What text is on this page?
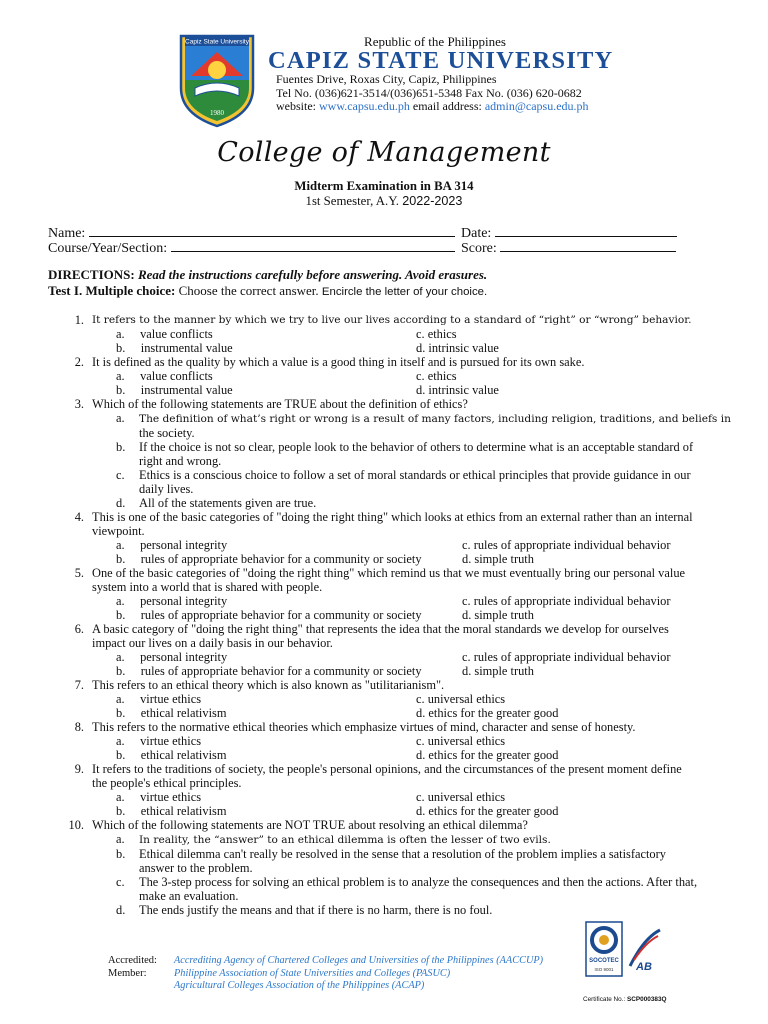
Capiz State University
1980
Republic of the Philippines
CAPIZ STATE UNIVERSITY
Fuentes Drive, Roxas City, Capiz, Philippines
Tel No. (036)621-3514/(036)651-5348 Fax No. (036) 620-0682
website: www.capsu.edu.ph email address: admin@capsu.edu.ph
College of Management
Midterm Examination in BA 314
1st Semester, A.Y. 2022-2023
Name:	Date:
Course/Year/Section:	Score:
DIRECTIONS: Read the instructions carefully before answering. Avoid erasures.
Test I. Multiple choice: Choose the correct answer. Encircle the letter of your choice.
1. It refers to the manner by which we try to live our lives according to a standard of “right” or “wrong” behavior.
a. value conflicts	c. ethics
b. instrumental value	d. intrinsic value
2. It is defined as the quality by which a value is a good thing in itself and is pursued for its own sake.
a. value conflicts	c. ethics
b. instrumental value	d. intrinsic value
3. Which of the following statements are TRUE about the definition of ethics?
a. The definition of what’s right or wrong is a result of many factors, including religion, traditions, and beliefs in
the society.
b. If the choice is not so clear, people look to the behavior of others to determine what is an acceptable standard of
right and wrong.
c. Ethics is a conscious choice to follow a set of moral standards or ethical principles that provide guidance in our
daily lives.
d. All of the statements given are true.
4. This is one of the basic categories of "doing the right thing" which looks at ethics from an external rather than an internal
viewpoint.
a. personal integrity	c. rules of appropriate individual behavior
b. rules of appropriate behavior for a community or society	d. simple truth
5. One of the basic categories of "doing the right thing" which remind us that we must eventually bring our personal value
system into a world that is shared with people.
a. personal integrity	c. rules of appropriate individual behavior
b. rules of appropriate behavior for a community or society	d. simple truth
6. A basic category of "doing the right thing" that represents the idea that the moral standards we develop for ourselves
impact our lives on a daily basis in our behavior.
a. personal integrity	c. rules of appropriate individual behavior
b. rules of appropriate behavior for a community or society	d. simple truth
7. This refers to an ethical theory which is also known as "utilitarianism".
a. virtue ethics	c. universal ethics
b. ethical relativism	d. ethics for the greater good
8. This refers to the normative ethical theories which emphasize virtues of mind, character and sense of honesty.
a. virtue ethics	c. universal ethics
b. ethical relativism	d. ethics for the greater good
9. It refers to the traditions of society, the people's personal opinions, and the circumstances of the present moment define
the people's ethical principles.
a. virtue ethics	c. universal ethics
b. ethical relativism	d. ethics for the greater good
10. Which of the following statements are NOT TRUE about resolving an ethical dilemma?
a. In reality, the “answer” to an ethical dilemma is often the lesser of two evils.
b. Ethical dilemma can't really be resolved in the sense that a resolution of the problem implies a satisfactory
answer to the problem.
c. The 3-step process for solving an ethical problem is to analyze the consequences and then the actions. After that,
make an evaluation.
d. The ends justify the means and that if there is no harm, there is no foul.
Accredited:	Accrediting Agency of Chartered Colleges and Universities of the Philippines (AACCUP)
Member:	Philippine Association of State Universities and Colleges (PASUC)
Agricultural Colleges Association of the Philippines (ACAP)
SOCOTEC
ISO 9001 AB
Certificate No.: SCP000383Q
